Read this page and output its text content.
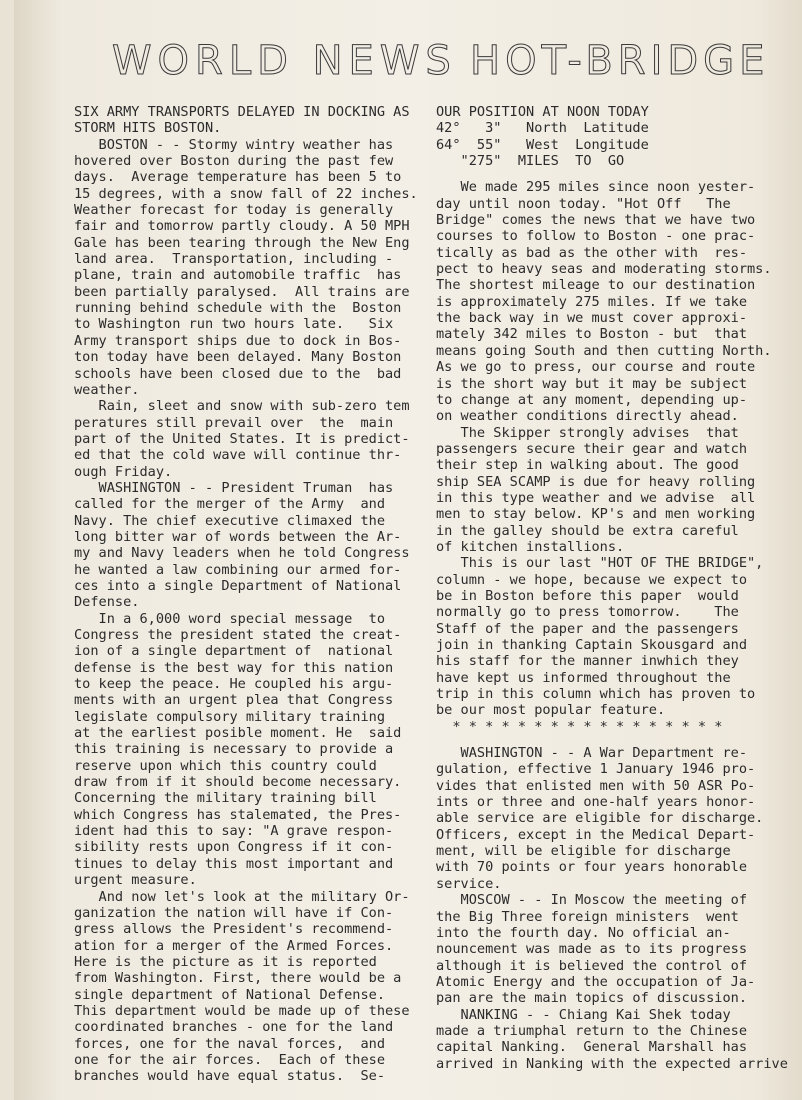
WORLD NEWS HOT-BRIDGE
SIX ARMY TRANSPORTS DELAYED IN DOCKING AS
STORM HITS BOSTON.
BOSTON - - Stormy wintry weather has
hovered over Boston during the past few
days.  Average temperature has been 5 to
15 degrees, with a snow fall of 22 inches.
Weather forecast for today is generally
fair and tomorrow partly cloudy. A 50 MPH
Gale has been tearing through the New Eng
land area.  Transportation, including -
plane, train and automobile traffic  has
been partially paralysed.  All trains are
running behind schedule with the  Boston
to Washington run two hours late.   Six
Army transport ships due to dock in Bos-
ton today have been delayed. Many Boston
schools have been closed due to the  bad
weather.
Rain, sleet and snow with sub-zero tem
peratures still prevail over  the  main
part of the United States. It is predict-
ed that the cold wave will continue thr-
ough Friday.
WASHINGTON - - President Truman  has
called for the merger of the Army  and
Navy. The chief executive climaxed the
long bitter war of words between the Ar-
my and Navy leaders when he told Congress
he wanted a law combining our armed for-
ces into a single Department of National
Defense.
In a 6,000 word special message  to
Congress the president stated the creat-
ion of a single department of  national
defense is the best way for this nation
to keep the peace. He coupled his argu-
ments with an urgent plea that Congress
legislate compulsory military training
at the earliest posible moment. He  said
this training is necessary to provide a
reserve upon which this country could
draw from if it should become necessary.
Concerning the military training bill
which Congress has stalemated, the Pres-
ident had this to say: "A grave respon-
sibility rests upon Congress if it con-
tinues to delay this most important and
urgent measure.
And now let's look at the military Or-
ganization the nation will have if Con-
gress allows the President's recommend-
ation for a merger of the Armed Forces.
Here is the picture as it is reported
from Washington. First, there would be a
single department of National Defense.
This department would be made up of these
coordinated branches - one for the land
forces, one for the naval forces,  and
one for the air forces.  Each of these
branches would have equal status.  Se-
OUR POSITION AT NOON TODAY
42°   3"   North  Latitude
64°  55"   West  Longitude
"275"  MILES  TO  GO
We made 295 miles since noon yester-
day until noon today. "Hot Off   The
Bridge" comes the news that we have two
courses to follow to Boston - one prac-
tically as bad as the other with  res-
pect to heavy seas and moderating storms.
The shortest mileage to our destination
is approximately 275 miles. If we take
the back way in we must cover approxi-
mately 342 miles to Boston - but  that
means going South and then cutting North.
As we go to press, our course and route
is the short way but it may be subject
to change at any moment, depending up-
on weather conditions directly ahead.
The Skipper strongly advises  that
passengers secure their gear and watch
their step in walking about. The good
ship SEA SCAMP is due for heavy rolling
in this type weather and we advise  all
men to stay below. KP's and men working
in the galley should be extra careful
of kitchen installions.
This is our last "HOT OF THE BRIDGE",
column - we hope, because we expect to
be in Boston before this paper  would
normally go to press tomorrow.    The
Staff of the paper and the passengers
join in thanking Captain Skousgard and
his staff for the manner inwhich they
have kept us informed throughout the
trip in this column which has proven to
be our most popular feature.
* * * * * * * * * * * * * * * * *
WASHINGTON - - A War Department re-
gulation, effective 1 January 1946 pro-
vides that enlisted men with 50 ASR Po-
ints or three and one-half years honor-
able service are eligible for discharge.
Officers, except in the Medical Depart-
ment, will be eligible for discharge
with 70 points or four years honorable
service.
MOSCOW - - In Moscow the meeting of
the Big Three foreign ministers  went
into the fourth day. No official an-
nouncement was made as to its progress
although it is believed the control of
Atomic Energy and the occupation of Ja-
pan are the main topics of discussion.
NANKING - - Chiang Kai Shek today
made a triumphal return to the Chinese
capital Nanking.  General Marshall has
arrived in Nanking with the expected arrive
